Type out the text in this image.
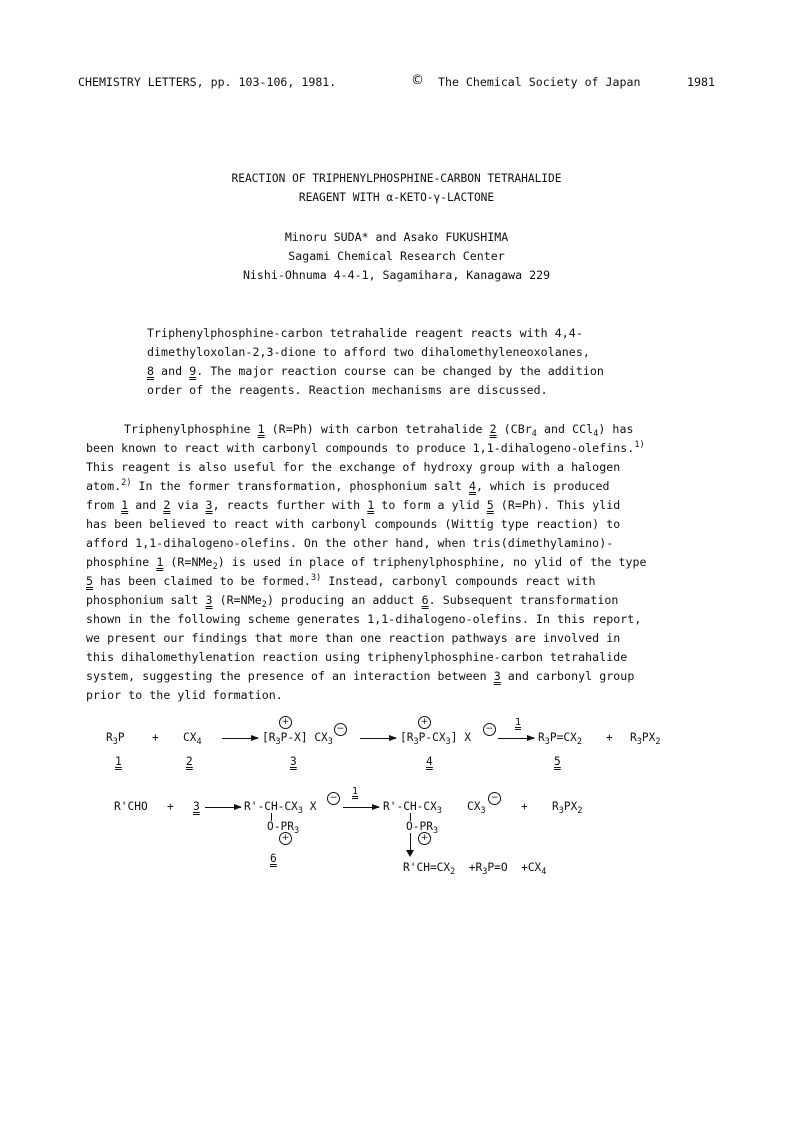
CHEMISTRY LETTERS, pp. 103-106, 1981.	© The Chemical Society of Japan	1981
REACTION OF TRIPHENYLPHOSPHINE-CARBON TETRAHALIDE
REAGENT WITH α-KETO-γ-LACTONE
Minoru SUDA* and Asako FUKUSHIMA
Sagami Chemical Research Center
Nishi-Ohnuma 4-4-1, Sagamihara, Kanagawa 229
Triphenylphosphine-carbon tetrahalide reagent reacts with 4,4-
dimethyloxolan-2,3-dione to afford two dihalomethyleneoxolanes,
8 and 9. The major reaction course can be changed by the addition
order of the reagents. Reaction mechanisms are discussed.
Triphenylphosphine 1 (R=Ph) with carbon tetrahalide 2 (CBr$_4$ and CCl$_4$) has
been known to react with carbonyl compounds to produce 1,1-dihalogeno-olefins.$^{1)}$
This reagent is also useful for the exchange of hydroxy group with a halogen
atom.$^{2)}$ In the former transformation, phosphonium salt 4, which is produced
from 1 and 2 via 3, reacts further with 1 to form a ylid 5 (R=Ph). This ylid
has been believed to react with carbonyl compounds (Wittig type reaction) to
afford 1,1-dihalogeno-olefins. On the other hand, when tris(dimethylamino)-
phosphine 1 (R=NMe$_2$) is used in place of triphenylphosphine, no ylid of the type
5 has been claimed to be formed.$^{3)}$ Instead, carbonyl compounds react with
phosphonium salt 3 (R=NMe$_2$) producing an adduct 6. Subsequent transformation
shown in the following scheme generates 1,1-dihalogeno-olefins. In this report,
we present our findings that more than one reaction pathways are involved in
this dihalomethylenation reaction using triphenylphosphine-carbon tetrahalide
system, suggesting the presence of an interaction between 3 and carbonyl group
prior to the ylid formation.
$R_3P + CX_4$ →
+
$[R_3P-X]$ $CX_3$
−
+
$[R_3P-CX_3]$ X
−
1
→ $R_3P=CX_2 + R_3PX_2$
1	2	3	4	5
$R'CHO + 3 \to R'-CH-CX_3$ X
−
$O-PR_3$
+
1
→ $R'-CH-CX_3$ $CX_3$
−
+ $R_3PX_2$
$O-PR_3$
+
6
$R'CH=CX_2 +R_3P=O +CX_4$
